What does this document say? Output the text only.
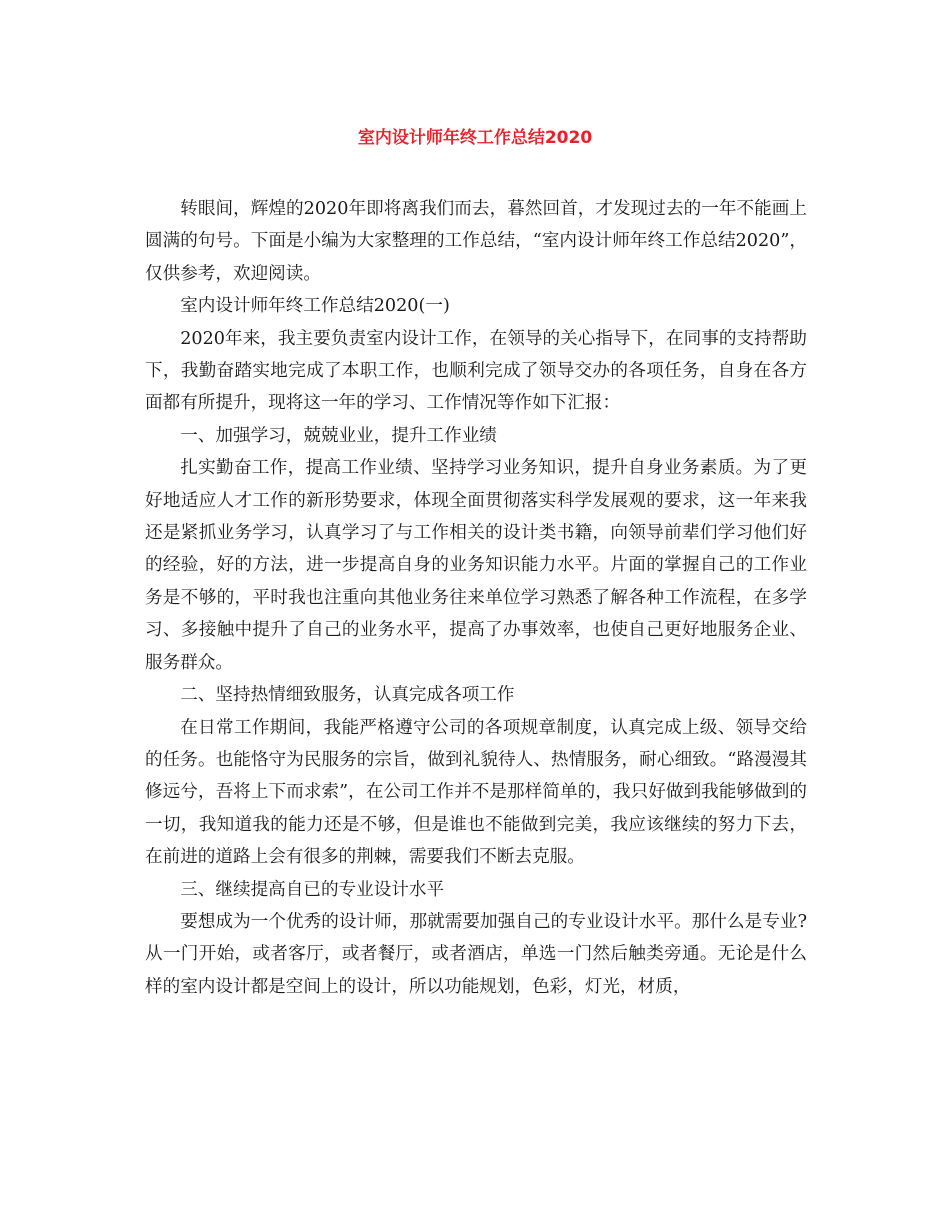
室内设计师年终工作总结2020

转眼间，辉煌的2020年即将离我们而去，暮然回首，才发现过去的一年不能画上圆满的句号。下面是小编为大家整理的工作总结，“室内设计师年终工作总结2020”，仅供参考，欢迎阅读。

室内设计师年终工作总结2020(一)

2020年来，我主要负责室内设计工作，在领导的关心指导下，在同事的支持帮助下，我勤奋踏实地完成了本职工作，也顺利完成了领导交办的各项任务，自身在各方面都有所提升，现将这一年的学习、工作情况等作如下汇报：

一、加强学习，兢兢业业，提升工作业绩

扎实勤奋工作，提高工作业绩、坚持学习业务知识，提升自身业务素质。为了更好地适应人才工作的新形势要求，体现全面贯彻落实科学发展观的要求，这一年来我还是紧抓业务学习，认真学习了与工作相关的设计类书籍，向领导前辈们学习他们好的经验，好的方法，进一步提高自身的业务知识能力水平。片面的掌握自己的工作业务是不够的，平时我也注重向其他业务往来单位学习熟悉了解各种工作流程，在多学习、多接触中提升了自己的业务水平，提高了办事效率，也使自己更好地服务企业、服务群众。

二、坚持热情细致服务，认真完成各项工作

在日常工作期间，我能严格遵守公司的各项规章制度，认真完成上级、领导交给的任务。也能恪守为民服务的宗旨，做到礼貌待人、热情服务，耐心细致。“路漫漫其修远兮，吾将上下而求索”，在公司工作并不是那样简单的，我只好做到我能够做到的一切，我知道我的能力还是不够，但是谁也不能做到完美，我应该继续的努力下去，在前进的道路上会有很多的荆棘，需要我们不断去克服。

三、继续提高自已的专业设计水平

要想成为一个优秀的设计师，那就需要加强自己的专业设计水平。那什么是专业?从一门开始，或者客厅，或者餐厅，或者酒店，单选一门然后触类旁通。无论是什么样的室内设计都是空间上的设计，所以功能规划，色彩，灯光，材质，
